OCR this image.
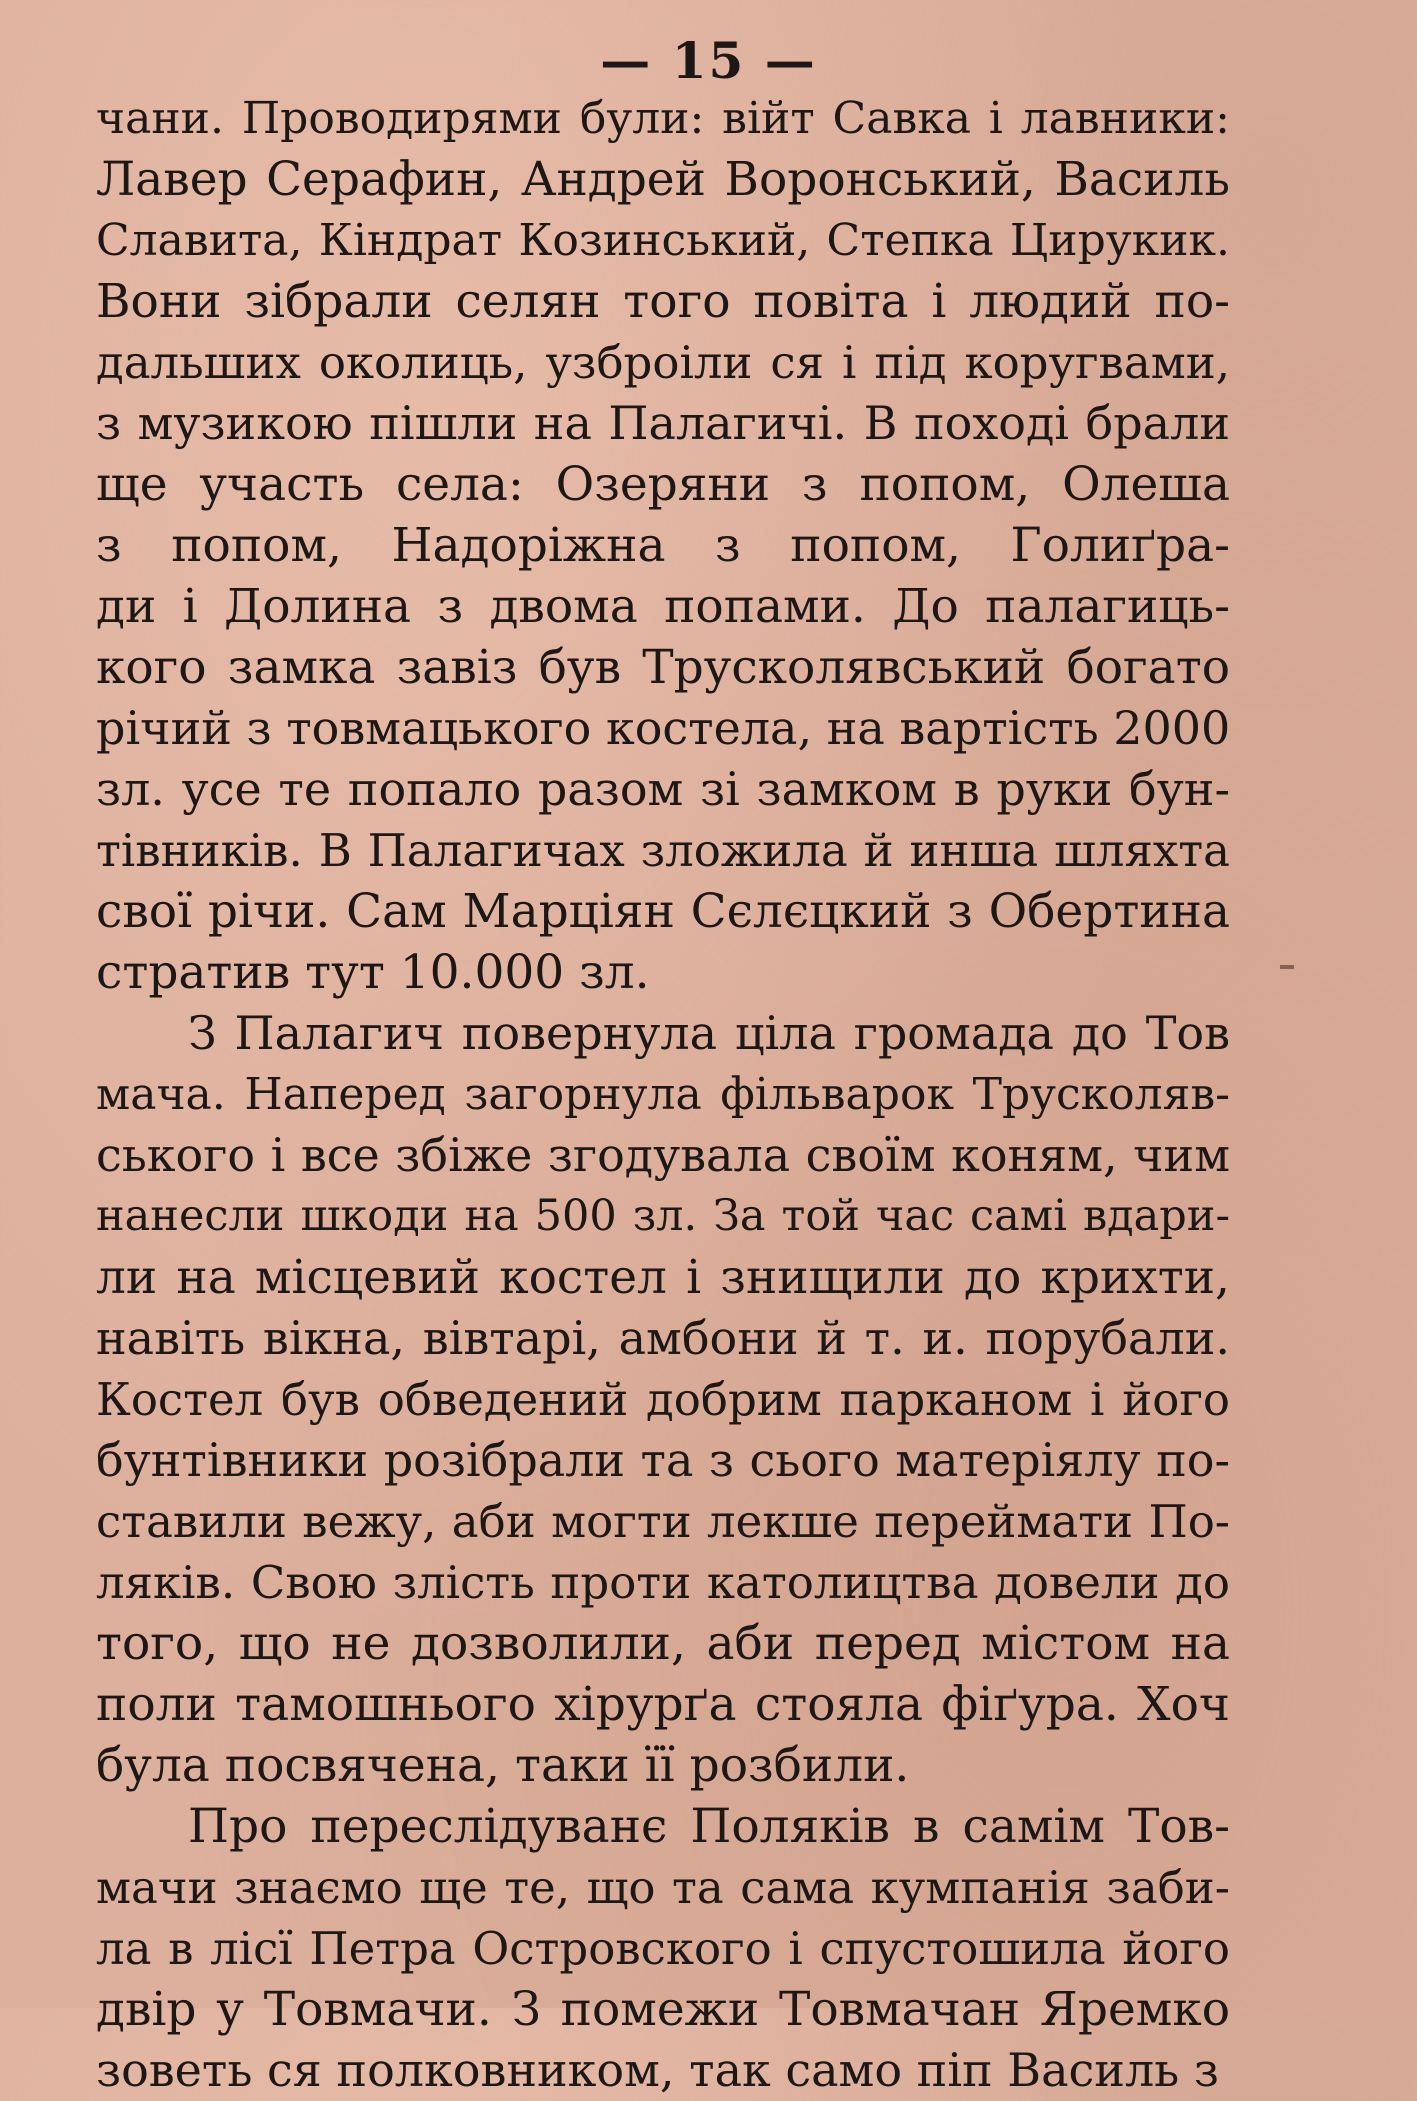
— 15 —

чани. Проводирями були: війт Савка і лавники:
Лавер Серафин, Андрей Воронський, Василь
Славита, Кіндрат Козинський, Степка Цирукик.
Вони зібрали селян того повіта і людий по-
дальших околиць, узброіли ся і під коругвами,
з музикою пішли на Палагичі. В поході брали
ще участь села: Озеряни з попом, Олеша
з попом, Надоріжна з попом, Голиґра-
ди і Долина з двома попами. До палагиць-
кого замка завіз був Трусколявський богато
річий з товмацького костела, на вартість 2000
зл. усе те попало разом зі замком в руки бун-
тівників. В Палагичах зложила й инша шляхта
свої річи. Сам Марціян Сєлєцкий з Обертина
стратив тут 10.000 зл.
З Палагич повернула ціла громада до Тов
мача. Наперед загорнула фільварок Трусколяв-
ського і все збіже згодувала своїм коням, чим
нанесли шкоди на 500 зл. За той час самі вдари-
ли на місцевий костел і знищили до крихти,
навіть вікна, вівтарі, амбони й т. и. порубали.
Костел був обведений добрим парканом і його
бунтівники розібрали та з сього матеріялу по-
ставили вежу, аби могти лекше переймати По-
ляків. Свою злість проти католицтва довели до
того, що не дозволили, аби перед містом на
поли тамошнього хірурґа стояла фіґура. Хоч
була посвячена, таки її розбили.
Про переслідуванє Поляків в самім Тов-
мачи знаємо ще те, що та сама кумпанія заби-
ла в лісї Петра Островского і спустошила його
двір у Товмачи. З помежи Товмачан Яремко
зоветь ся полковником, так само піп Василь з
